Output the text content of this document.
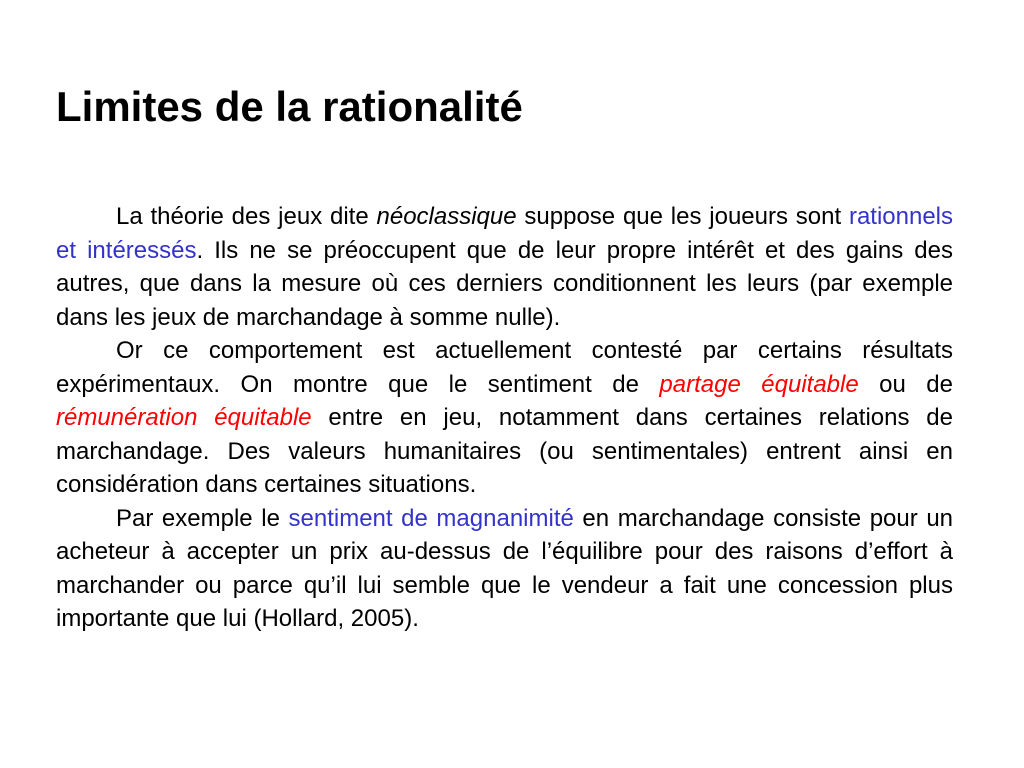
Limites de la rationalité

La théorie des jeux dite néoclassique suppose que les joueurs sont rationnels et intéressés. Ils ne se préoccupent que de leur propre intérêt et des gains des autres, que dans la mesure où ces derniers conditionnent les leurs (par exemple dans les jeux de marchandage à somme nulle).

Or ce comportement est actuellement contesté par certains résultats expérimentaux. On montre que le sentiment de partage équitable ou de rémunération équitable entre en jeu, notamment dans certaines relations de marchandage. Des valeurs humanitaires (ou sentimentales) entrent ainsi en considération dans certaines situations.

Par exemple le sentiment de magnanimité en marchandage consiste pour un acheteur à accepter un prix au-dessus de l’équilibre pour des raisons d’effort à marchander ou parce qu’il lui semble que le vendeur a fait une concession plus importante que lui (Hollard, 2005).
